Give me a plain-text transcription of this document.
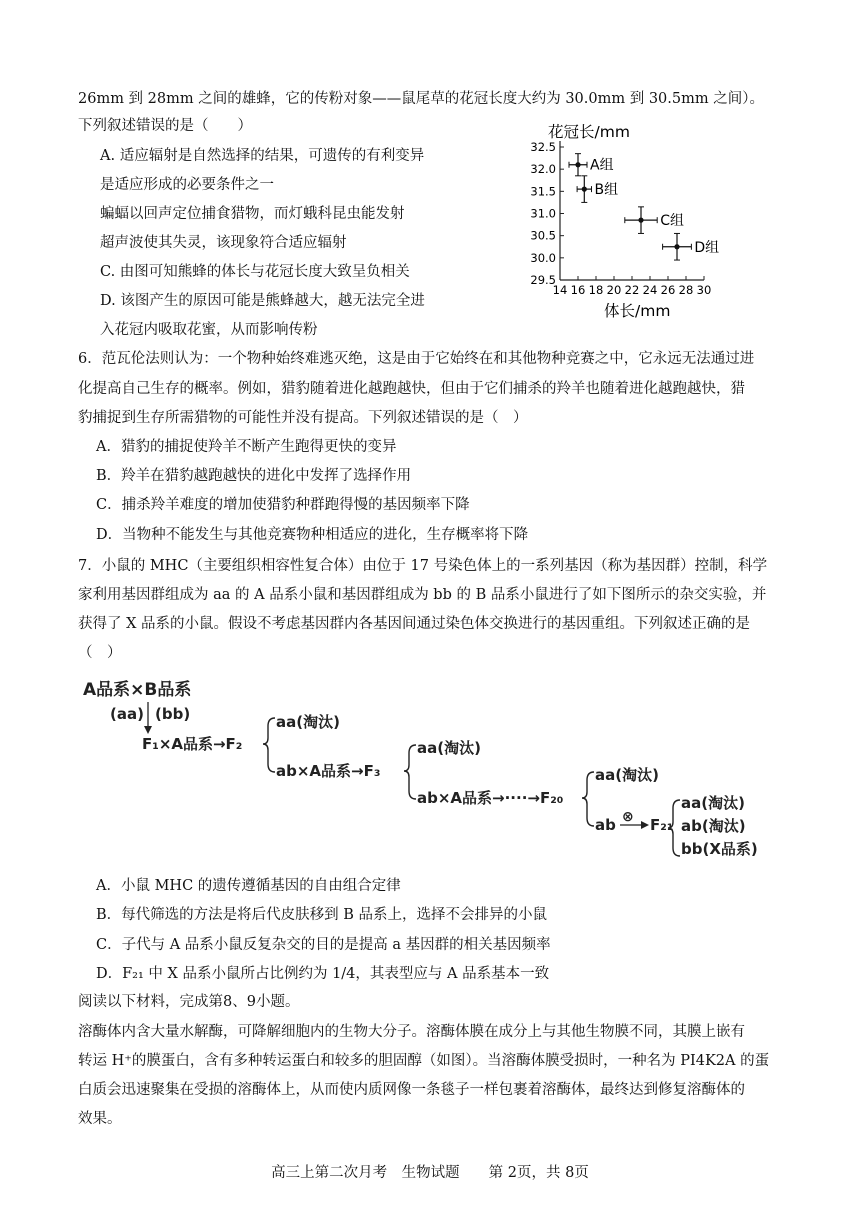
26mm 到 28mm 之间的雄蜂，它的传粉对象——鼠尾草的花冠长度大约为 30.0mm 到 30.5mm 之间）。
下列叙述错误的是（　　）
A. 适应辐射是自然选择的结果，可遗传的有利变异
是适应形成的必要条件之一
蝙蝠以回声定位捕食猎物，而灯蛾科昆虫能发射
超声波使其失灵，该现象符合适应辐射
C. 由图可知熊蜂的体长与花冠长度大致呈负相关
D. 该图产生的原因可能是熊蜂越大，越无法完全进
入花冠内吸取花蜜，从而影响传粉
花冠长/mm
体长/mm
14 16 18 20 22 24 26 28 30
29.5
30.0
30.5
31.0
31.5
32.0
32.5
A组
B组
C组
D组
6．范瓦伦法则认为：一个物种始终难逃灭绝，这是由于它始终在和其他物种竞赛之中，它永远无法通过进
化提高自己生存的概率。例如，猎豹随着进化越跑越快，但由于它们捕杀的羚羊也随着进化越跑越快，猎
豹捕捉到生存所需猎物的可能性并没有提高。下列叙述错误的是（　）
A．猎豹的捕捉使羚羊不断产生跑得更快的变异
B．羚羊在猎豹越跑越快的进化中发挥了选择作用
C．捕杀羚羊难度的增加使猎豹种群跑得慢的基因频率下降
D．当物种不能发生与其他竞赛物种相适应的进化，生存概率将下降
7．小鼠的 MHC（主要组织相容性复合体）由位于 17 号染色体上的一系列基因（称为基因群）控制，科学
家利用基因群组成为 aa 的 A 品系小鼠和基因群组成为 bb 的 B 品系小鼠进行了如下图所示的杂交实验，并
获得了 X 品系的小鼠。假设不考虑基因群内各基因间通过染色体交换进行的基因重组。下列叙述正确的是
（　）
A品系×B品系
(aa) (bb)
F₁×A品系→F₂
aa(淘汰)
ab×A品系→F₃
aa(淘汰)
ab×A品系→····→F₂₀
aa(淘汰)
ab ⊗ F₂₁
aa(淘汰)
ab(淘汰)
bb(X品系)
A．小鼠 MHC 的遗传遵循基因的自由组合定律
B．每代筛选的方法是将后代皮肤移到 B 品系上，选择不会排异的小鼠
C．子代与 A 品系小鼠反复杂交的目的是提高 a 基因群的相关基因频率
D．F₂₁ 中 X 品系小鼠所占比例约为 1/4，其表型应与 A 品系基本一致
阅读以下材料，完成第8、9小题。
溶酶体内含大量水解酶，可降解细胞内的生物大分子。溶酶体膜在成分上与其他生物膜不同，其膜上嵌有
转运 H⁺的膜蛋白，含有多种转运蛋白和较多的胆固醇（如图）。当溶酶体膜受损时，一种名为 PI4K2A 的蛋
白质会迅速聚集在受损的溶酶体上，从而使内质网像一条毯子一样包裹着溶酶体，最终达到修复溶酶体的
效果。
高三上第二次月考　生物试题　　第 2页，共 8页
